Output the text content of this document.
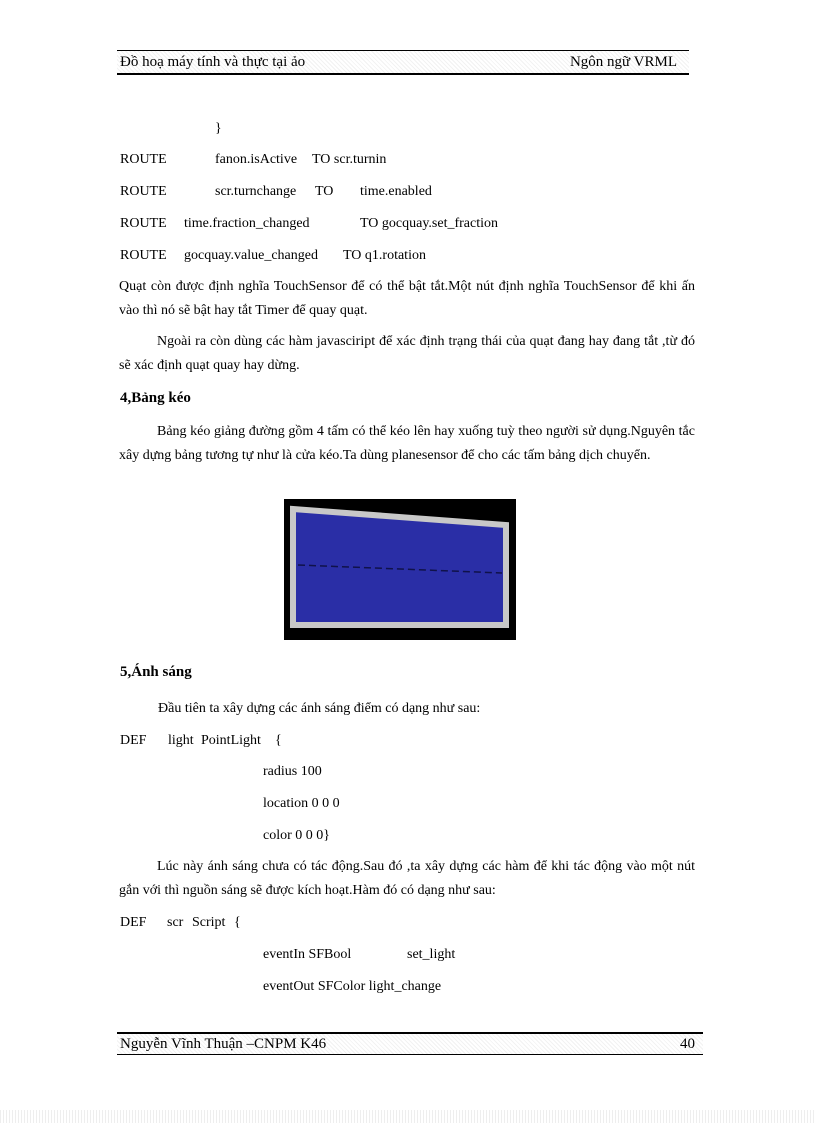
Đồ hoạ máy tính và thực tại ảo	Ngôn ngữ VRML
}
ROUTE	fanon.isActive TO scr.turnin
ROUTE	scr.turnchange TO time.enabled
ROUTE time.fraction_changed	TO gocquay.set_fraction
ROUTE gocquay.value_changed TO q1.rotation
Quạt còn được định nghĩa TouchSensor để có thể bật tắt.Một nút định nghĩa TouchSensor để khi ấn vào thì nó sẽ bật hay tắt Timer để quay quạt.
Ngoài ra còn dùng các hàm javasciript để xác định trạng thái của quạt đang hay đang tắt ,từ đó sẽ xác định quạt quay hay dừng.
4,Bảng kéo
Bảng kéo giảng đường gồm 4 tấm có thể kéo lên hay xuống tuỳ theo người sử dụng.Nguyên tắc xây dựng bảng tương tự như là cửa kéo.Ta dùng planesensor để cho các tấm bảng dịch chuyển.
5,Ánh sáng
Đầu tiên ta xây dựng các ánh sáng điểm có dạng như sau:
DEF light PointLight {
radius 100
location 0 0 0
color 0 0 0}
Lúc này ánh sáng chưa có tác động.Sau đó ,ta xây dựng các hàm để khi tác động vào một nút gắn với thì nguồn sáng sẽ được kích hoạt.Hàm đó có dạng như sau:
DEF scr Script {
eventIn SFBool	set_light
eventOut SFColor light_change
Nguyễn Vĩnh Thuận –CNPM K46	40
